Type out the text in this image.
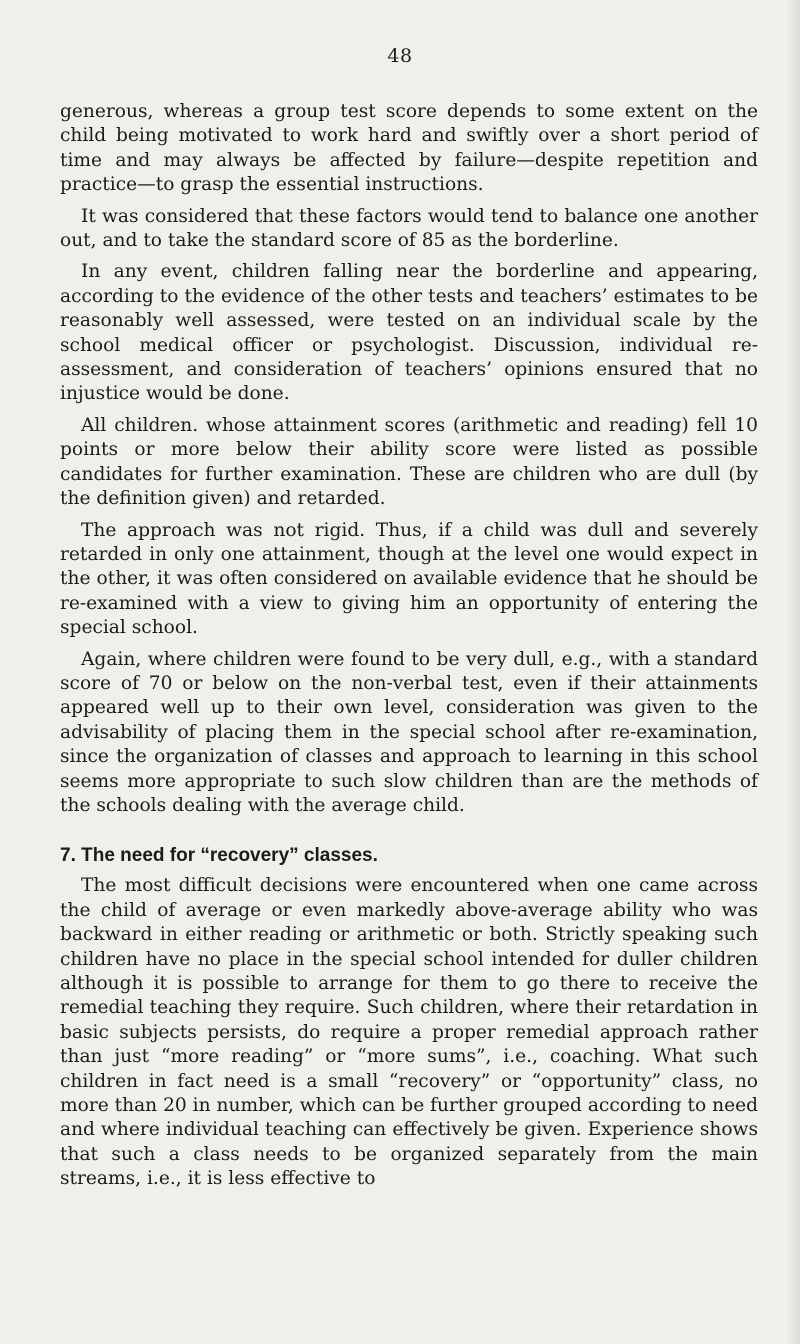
48

generous, whereas a group test score depends to some extent on the child being motivated to work hard and swiftly over a short period of time and may always be affected by failure—despite repetition and practice—to grasp the essential instructions.

It was considered that these factors would tend to balance one another out, and to take the standard score of 85 as the borderline.

In any event, children falling near the borderline and appearing, according to the evidence of the other tests and teachers’ estimates to be reasonably well assessed, were tested on an individual scale by the school medical officer or psychologist. Discussion, individual re-assessment, and consideration of teachers’ opinions ensured that no injustice would be done.

All children. whose attainment scores (arithmetic and reading) fell 10 points or more below their ability score were listed as possible candidates for further examination. These are children who are dull (by the definition given) and retarded.

The approach was not rigid. Thus, if a child was dull and severely retarded in only one attainment, though at the level one would expect in the other, it was often considered on available evidence that he should be re-examined with a view to giving him an opportunity of entering the special school.

Again, where children were found to be very dull, e.g., with a standard score of 70 or below on the non-verbal test, even if their attainments appeared well up to their own level, consideration was given to the advisability of placing them in the special school after re-examination, since the organization of classes and approach to learning in this school seems more appropriate to such slow children than are the methods of the schools dealing with the average child.

7. The need for “recovery” classes.

The most difficult decisions were encountered when one came across the child of average or even markedly above-average ability who was backward in either reading or arithmetic or both. Strictly speaking such children have no place in the special school intended for duller children although it is possible to arrange for them to go there to receive the remedial teaching they require. Such children, where their retardation in basic subjects persists, do require a proper remedial approach rather than just “more reading” or “more sums”, i.e., coaching. What such children in fact need is a small “recovery” or “opportunity” class, no more than 20 in number, which can be further grouped according to need and where individual teaching can effectively be given. Experience shows that such a class needs to be organized separately from the main streams, i.e., it is less effective to
